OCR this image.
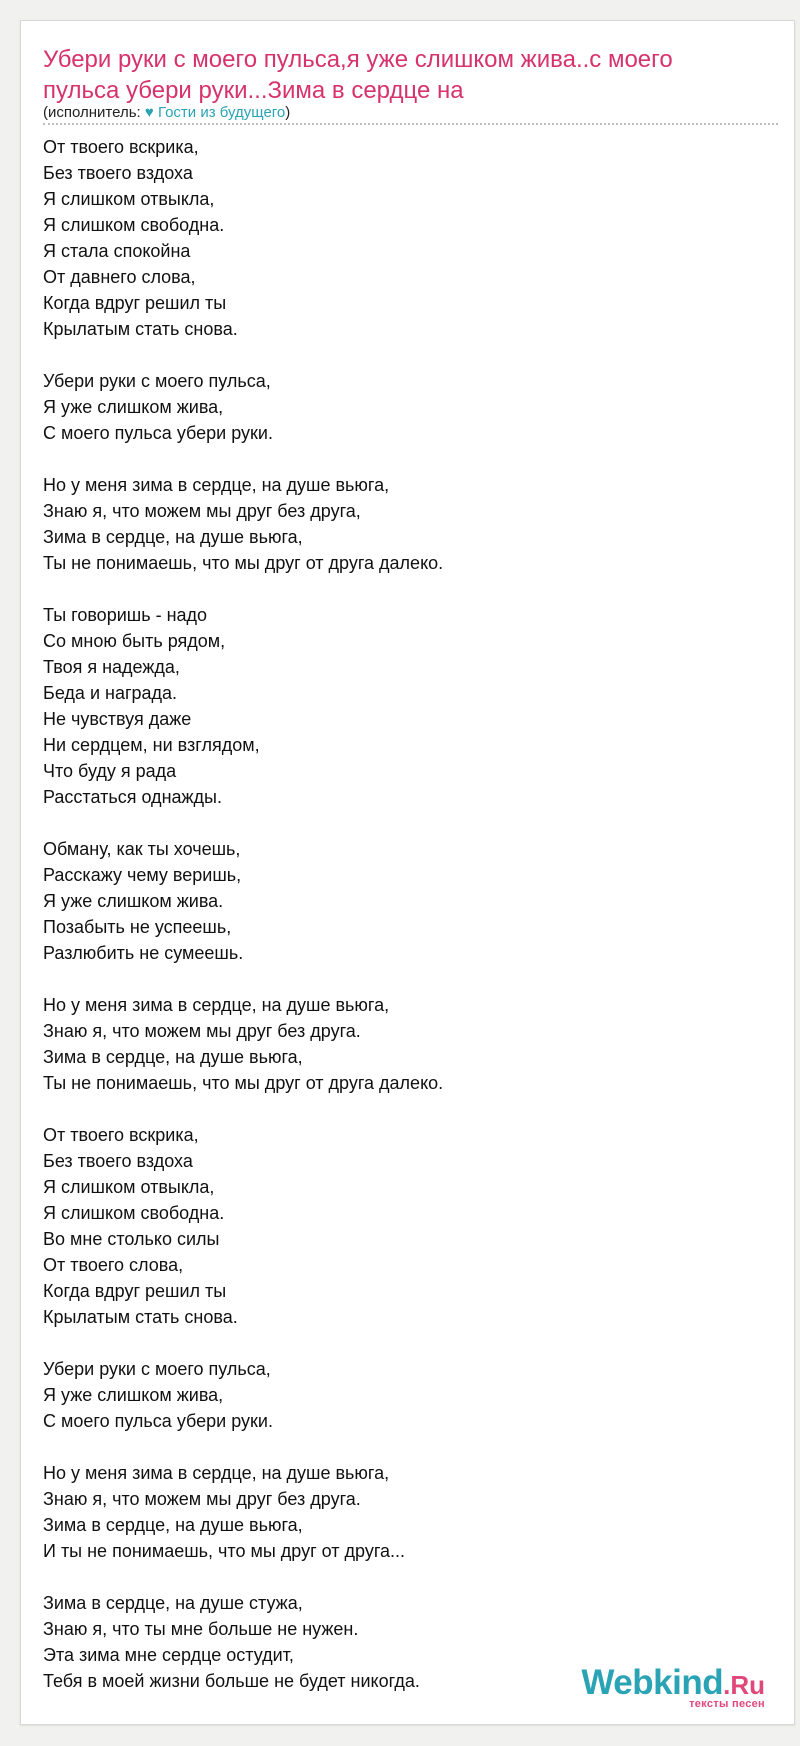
Убери руки с моего пульса,я уже слишком жива..с моего пульса убери руки...Зима в сердце на
(исполнитель: ♥ Гости из будущего)
От твоего вскрика,
Без твоего вздоха
Я слишком отвыкла,
Я слишком свободна.
Я стала спокойна
От давнего слова,
Когда вдруг решил ты
Крылатым стать снова.
Убери руки с моего пульса,
Я уже слишком жива,
С моего пульса убери руки.
Но у меня зима в сердце, на душе вьюга,
Знаю я, что можем мы друг без друга,
Зима в сердце, на душе вьюга,
Ты не понимаешь, что мы друг от друга далеко.
Ты говоришь - надо
Со мною быть рядом,
Твоя я надежда,
Беда и награда.
Не чувствуя даже
Ни сердцем, ни взглядом,
Что буду я рада
Расстаться однажды.
Обману, как ты хочешь,
Расскажу чему веришь,
Я уже слишком жива.
Позабыть не успеешь,
Разлюбить не сумеешь.
Но у меня зима в сердце, на душе вьюга,
Знаю я, что можем мы друг без друга.
Зима в сердце, на душе вьюга,
Ты не понимаешь, что мы друг от друга далеко.
От твоего вскрика,
Без твоего вздоха
Я слишком отвыкла,
Я слишком свободна.
Во мне столько силы
От твоего слова,
Когда вдруг решил ты
Крылатым стать снова.
Убери руки с моего пульса,
Я уже слишком жива,
С моего пульса убери руки.
Но у меня зима в сердце, на душе вьюга,
Знаю я, что можем мы друг без друга.
Зима в сердце, на душе вьюга,
И ты не понимаешь, что мы друг от друга...
Зима в сердце, на душе стужа,
Знаю я, что ты мне больше не нужен.
Эта зима мне сердце остудит,
Тебя в моей жизни больше не будет никогда.	Webkind.Ru
тексты песен
